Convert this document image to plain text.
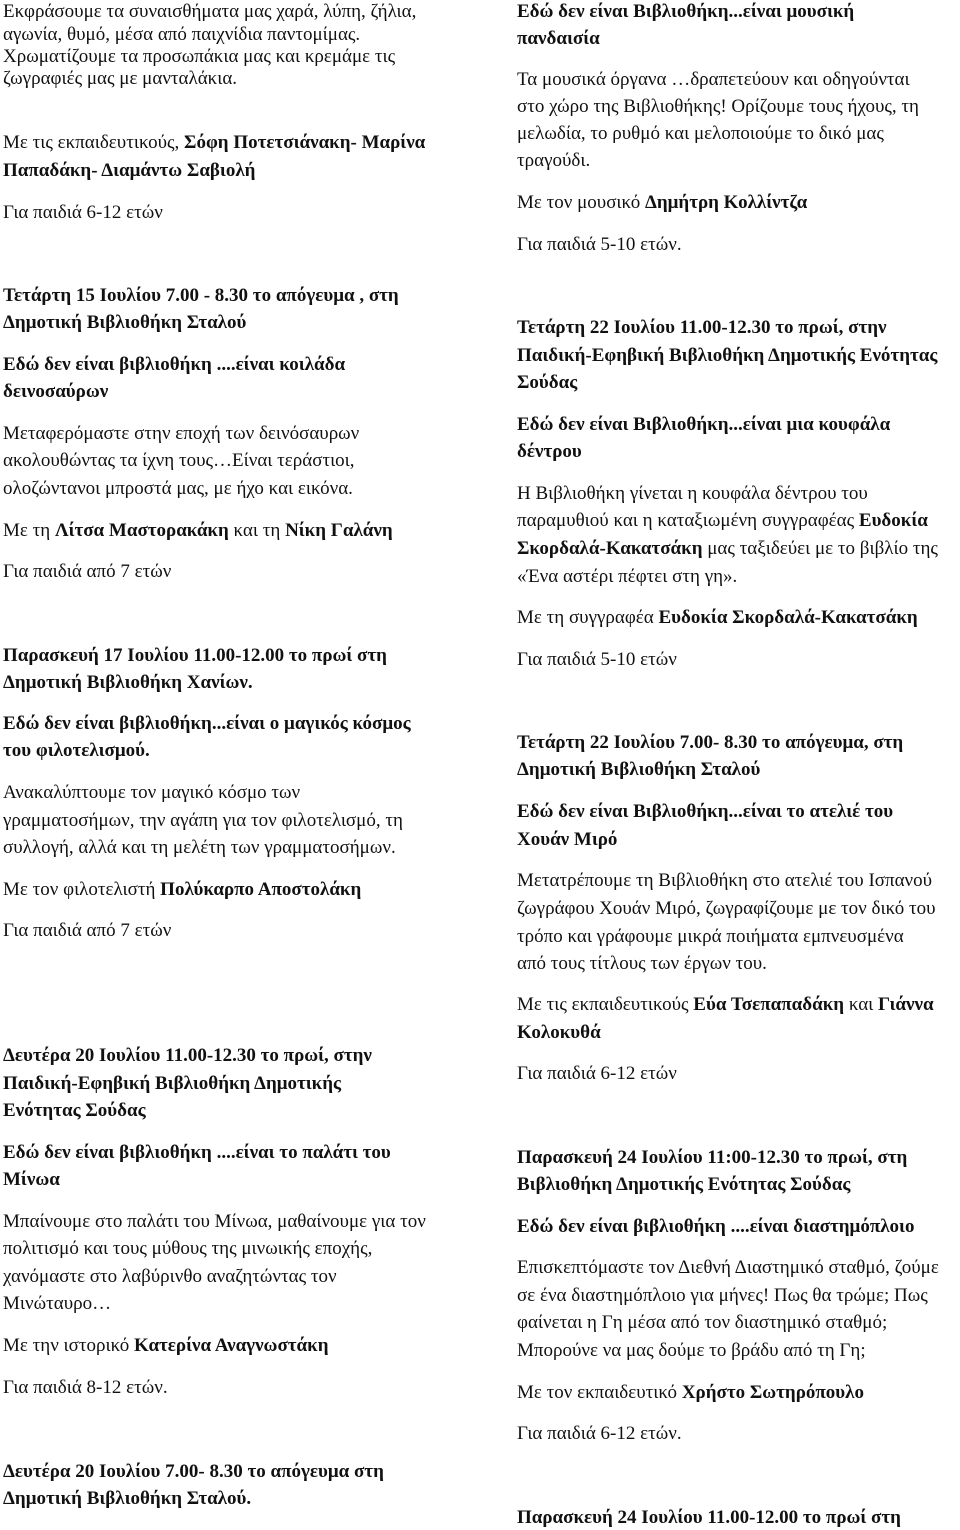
Εκφράσουμε τα συναισθήματα μας χαρά, λύπη, ζήλια,
αγωνία, θυμό, μέσα από παιχνίδια παντομίμας.
Χρωματίζουμε τα προσωπάκια μας και κρεμάμε τις
ζωγραφιές μας με μανταλάκια.
Με τις εκπαιδευτικούς, Σόφη Ποτετσιάνακη- Μαρίνα
Παπαδάκη- Διαμάντω Σαβιολή
Για παιδιά 6-12 ετών
Τετάρτη 15 Ιουλίου 7.00 - 8.30 το απόγευμα , στη
Δημοτική Βιβλιοθήκη Σταλού
Εδώ δεν είναι βιβλιοθήκη ....είναι κοιλάδα
δεινοσαύρων
Μεταφερόμαστε στην εποχή των δεινόσαυρων
ακολουθώντας τα ίχνη τους…Είναι τεράστιοι,
ολοζώντανοι μπροστά μας, με ήχο και εικόνα.
Με τη Λίτσα Μαστορακάκη και τη Νίκη Γαλάνη
Για παιδιά από 7 ετών
Παρασκευή 17 Ιουλίου 11.00-12.00 το πρωί στη
Δημοτική Βιβλιοθήκη Χανίων.
Εδώ δεν είναι βιβλιοθήκη...είναι ο μαγικός κόσμος
του φιλοτελισμού.
Ανακαλύπτουμε τον μαγικό κόσμο των
γραμματοσήμων, την αγάπη για τον φιλοτελισμό, τη
συλλογή, αλλά και τη μελέτη των γραμματοσήμων.
Με τον φιλοτελιστή Πολύκαρπο Αποστολάκη
Για παιδιά από 7 ετών
Δευτέρα 20 Ιουλίου 11.00-12.30 το πρωί, στην
Παιδική-Εφηβική Βιβλιοθήκη Δημοτικής
Ενότητας Σούδας
Εδώ δεν είναι βιβλιοθήκη ....είναι το παλάτι του
Μίνωα
Μπαίνουμε στο παλάτι του Μίνωα, μαθαίνουμε για τον
πολιτισμό και τους μύθους της μινωικής εποχής,
χανόμαστε στο λαβύρινθο αναζητώντας τον
Μινώταυρο…
Με την ιστορικό Κατερίνα Αναγνωστάκη
Για παιδιά 8-12 ετών.
Δευτέρα 20 Ιουλίου 7.00- 8.30 το απόγευμα στη
Δημοτική Βιβλιοθήκη Σταλού.
Εδώ δεν είναι Βιβλιοθήκη...είναι μουσική
πανδαισία
Τα μουσικά όργανα …δραπετεύουν και οδηγούνται
στο χώρο της Βιβλιοθήκης! Ορίζουμε τους ήχους, τη
μελωδία, το ρυθμό και μελοποιούμε το δικό μας
τραγούδι.
Με τον μουσικό Δημήτρη Κολλίντζα
Για παιδιά 5-10 ετών.
Τετάρτη 22 Ιουλίου 11.00-12.30 το πρωί, στην
Παιδική-Εφηβική Βιβλιοθήκη Δημοτικής Ενότητας
Σούδας
Εδώ δεν είναι Βιβλιοθήκη...είναι μια κουφάλα
δέντρου
Η Βιβλιοθήκη γίνεται η κουφάλα δέντρου του
παραμυθιού και η καταξιωμένη συγγραφέας Ευδοκία
Σκορδαλά-Κακατσάκη μας ταξιδεύει με το βιβλίο της
«Ένα αστέρι πέφτει στη γη».
Με τη συγγραφέα Ευδοκία Σκορδαλά-Κακατσάκη
Για παιδιά 5-10 ετών
Τετάρτη 22 Ιουλίου 7.00- 8.30 το απόγευμα, στη
Δημοτική Βιβλιοθήκη Σταλού
Εδώ δεν είναι Βιβλιοθήκη...είναι το ατελιέ του
Χουάν Μιρό
Μετατρέπουμε τη Βιβλιοθήκη στο ατελιέ του Ισπανού
ζωγράφου Χουάν Μιρό, ζωγραφίζουμε με τον δικό του
τρόπο και γράφουμε μικρά ποιήματα εμπνευσμένα
από τους τίτλους των έργων του.
Με τις εκπαιδευτικούς Εύα Τσεπαπαδάκη και Γιάννα
Κολοκυθά
Για παιδιά 6-12 ετών
Παρασκευή 24 Ιουλίου 11:00-12.30 το πρωί, στη
Βιβλιοθήκη Δημοτικής Ενότητας Σούδας
Εδώ δεν είναι βιβλιοθήκη ....είναι διαστημόπλοιο
Επισκεπτόμαστε τον Διεθνή Διαστημικό σταθμό, ζούμε
σε ένα διαστημόπλοιο για μήνες! Πως θα τρώμε; Πως
φαίνεται η Γη μέσα από τον διαστημικό σταθμό;
Μπορούνε να μας δούμε το βράδυ από τη Γη;
Με τον εκπαιδευτικό Χρήστο Σωτηρόπουλο
Για παιδιά 6-12 ετών.
Παρασκευή 24 Ιουλίου 11.00-12.00 το πρωί στη
